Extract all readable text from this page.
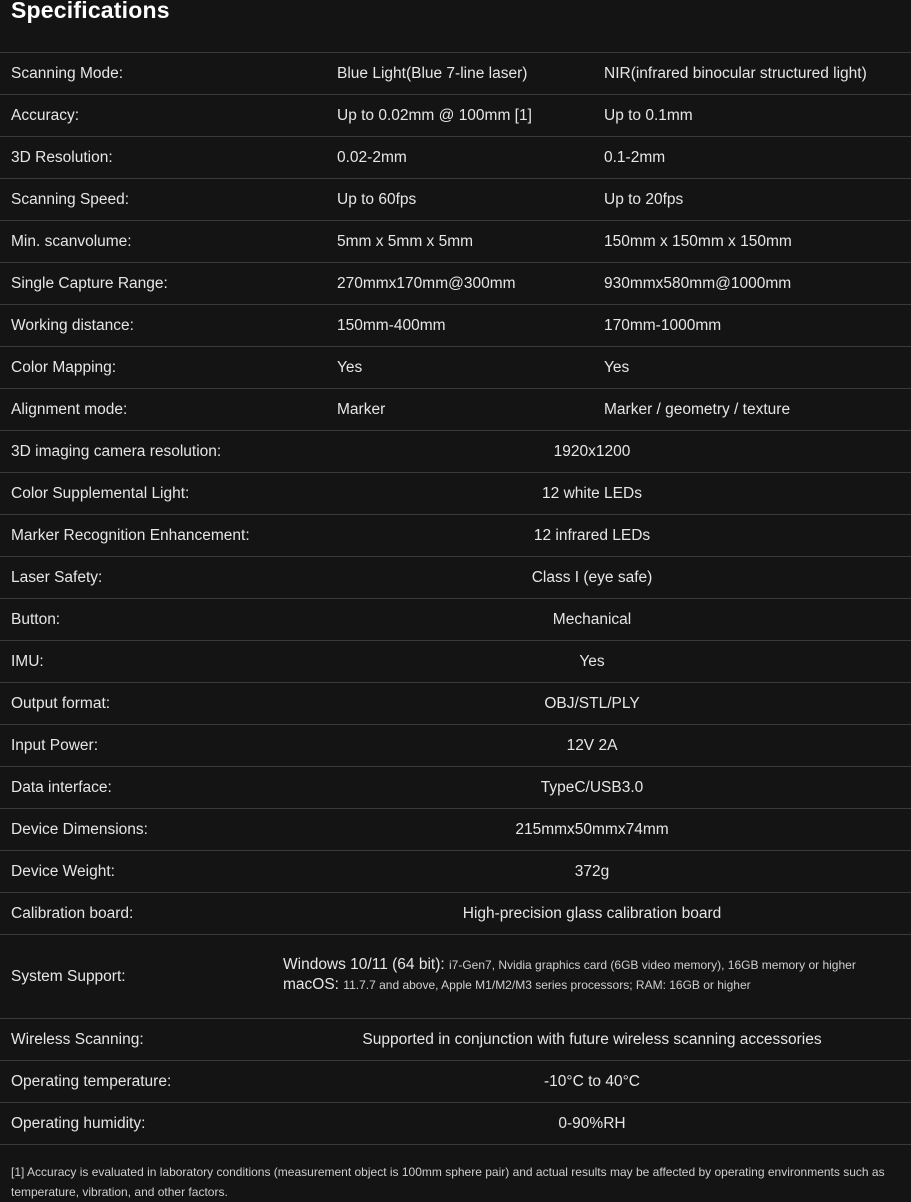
Specifications
Scanning Mode:	Blue Light(Blue 7-line laser)	NIR(infrared binocular structured light)
Accuracy:	Up to 0.02mm @ 100mm [1]	Up to 0.1mm
3D Resolution:	0.02-2mm	0.1-2mm
Scanning Speed:	Up to 60fps	Up to 20fps
Min. scanvolume:	5mm x 5mm x 5mm	150mm x 150mm x 150mm
Single Capture Range:	270mmx170mm@300mm	930mmx580mm@1000mm
Working distance:	150mm-400mm	170mm-1000mm
Color Mapping:	Yes	Yes
Alignment mode:	Marker	Marker / geometry / texture
3D imaging camera resolution:	1920x1200
Color Supplemental Light:	12 white LEDs
Marker Recognition Enhancement:	12 infrared LEDs
Laser Safety:	Class I (eye safe)
Button:	Mechanical
IMU:	Yes
Output format:	OBJ/STL/PLY
Input Power:	12V 2A
Data interface:	TypeC/USB3.0
Device Dimensions:	215mmx50mmx74mm
Device Weight:	372g
Calibration board:	High-precision glass calibration board
System Support:
Windows 10/11 (64 bit): i7-Gen7, Nvidia graphics card (6GB video memory), 16GB memory or higher
macOS: 11.7.7 and above, Apple M1/M2/M3 series processors; RAM: 16GB or higher
Wireless Scanning:	Supported in conjunction with future wireless scanning accessories
Operating temperature:	-10°C to 40°C
Operating humidity:	0-90%RH
[1] Accuracy is evaluated in laboratory conditions (measurement object is 100mm sphere pair) and actual results may be affected by operating environments such as temperature, vibration, and other factors.
